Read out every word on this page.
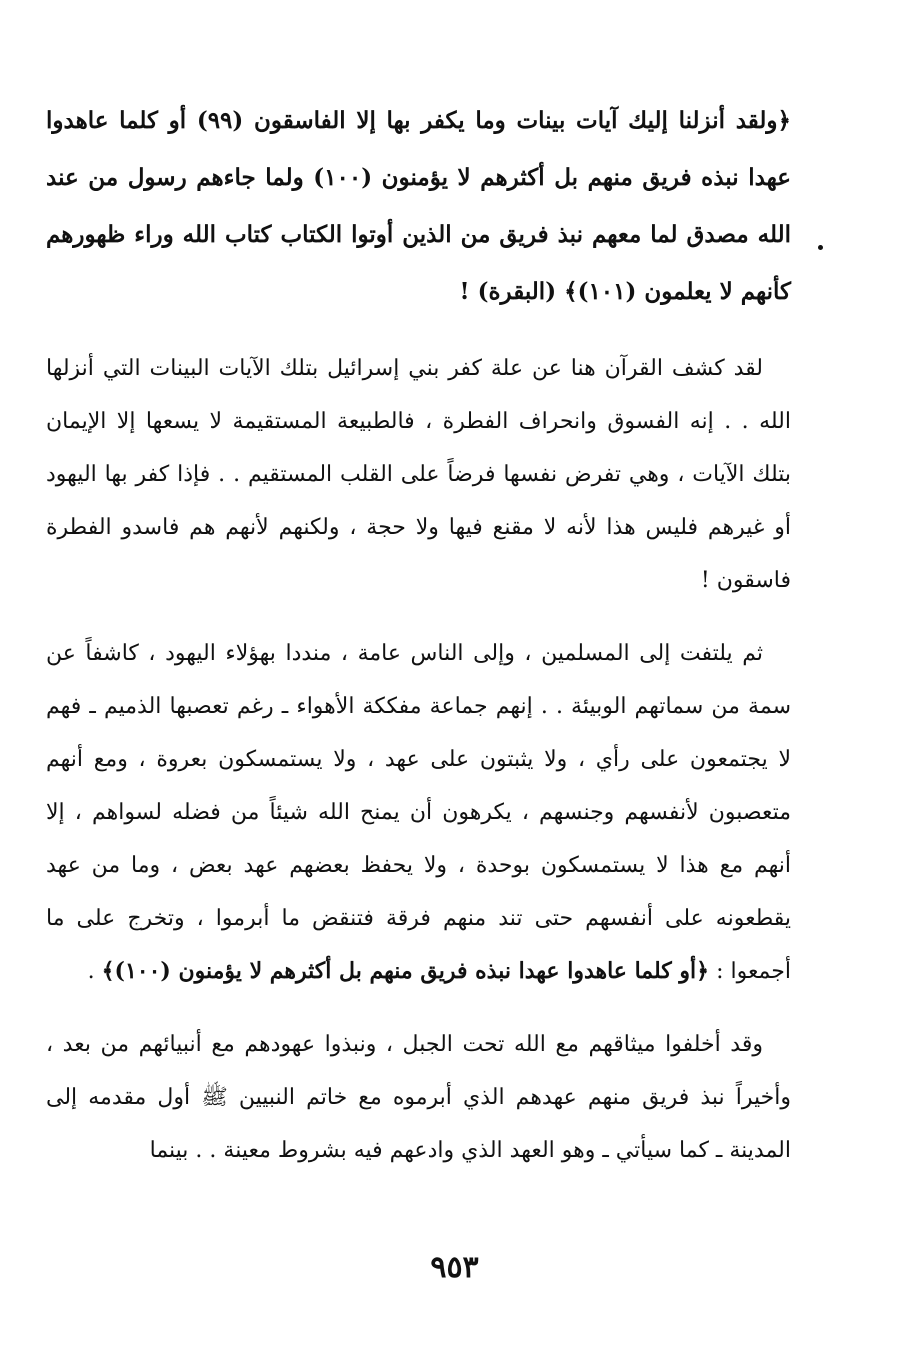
﴿ولقد أنزلنا إليك آيات بينات وما يكفر بها إلا الفاسقون (٩٩) أو كلما عاهدوا عهدا نبذه فريق منهم بل أكثرهم لا يؤمنون (١٠٠) ولما جاءهم رسول من عند الله مصدق لما معهم نبذ فريق من الذين أوتوا الكتاب كتاب الله وراء ظهورهم كأنهم لا يعلمون (١٠١)﴾ (البقرة) !

لقد كشف القرآن هنا عن علة كفر بني إسرائيل بتلك الآيات البينات التي أنزلها الله . . إنه الفسوق وانحراف الفطرة ، فالطبيعة المستقيمة لا يسعها إلا الإيمان بتلك الآيات ، وهي تفرض نفسها فرضاً على القلب المستقيم . . فإذا كفر بها اليهود أو غيرهم فليس هذا لأنه لا مقنع فيها ولا حجة ، ولكنهم لأنهم هم فاسدو الفطرة فاسقون !

ثم يلتفت إلى المسلمين ، وإلى الناس عامة ، منددا بهؤلاء اليهود ، كاشفاً عن سمة من سماتهم الوبيئة . . إنهم جماعة مفككة الأهواء ـ رغم تعصبها الذميم ـ فهم لا يجتمعون على رأي ، ولا يثبتون على عهد ، ولا يستمسكون بعروة ، ومع أنهم متعصبون لأنفسهم وجنسهم ، يكرهون أن يمنح الله شيئاً من فضله لسواهم ، إلا أنهم مع هذا لا يستمسكون بوحدة ، ولا يحفظ بعضهم عهد بعض ، وما من عهد يقطعونه على أنفسهم حتى تند منهم فرقة فتنقض ما أبرموا ، وتخرج على ما أجمعوا : ﴿أو كلما عاهدوا عهدا نبذه فريق منهم بل أكثرهم لا يؤمنون (١٠٠)﴾ .

وقد أخلفوا ميثاقهم مع الله تحت الجبل ، ونبذوا عهودهم مع أنبيائهم من بعد ، وأخيراً نبذ فريق منهم عهدهم الذي أبرموه مع خاتم النبيين ﷺ أول مقدمه إلى المدينة ـ كما سيأتي ـ وهو العهد الذي وادعهم فيه بشروط معينة . . بينما

٩٥٣
